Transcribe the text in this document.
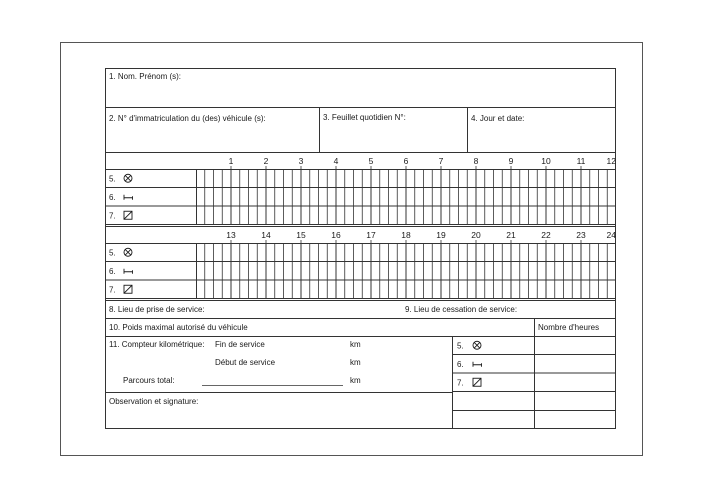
1. Nom. Prénom (s):
2. N° d'immatriculation du (des) véhicule (s):	3. Feuillet quotidien N°:	4. Jour et date:
1	2	3	4	5	6	7	8	9	10	11 12
5.
6.
7.
13	14	15	16	17	18	19	20	21	22	23 24
5.
6.
7.
8. Lieu de prise de service:	9. Lieu de cessation de service:
10. Poids maximal autorisé du véhicule	Nombre d'heures
11. Compteur kilométrique: Fin de service	km
Début de service	km
Parcours total:	km
5.
6.
7.
Observation et signature:
